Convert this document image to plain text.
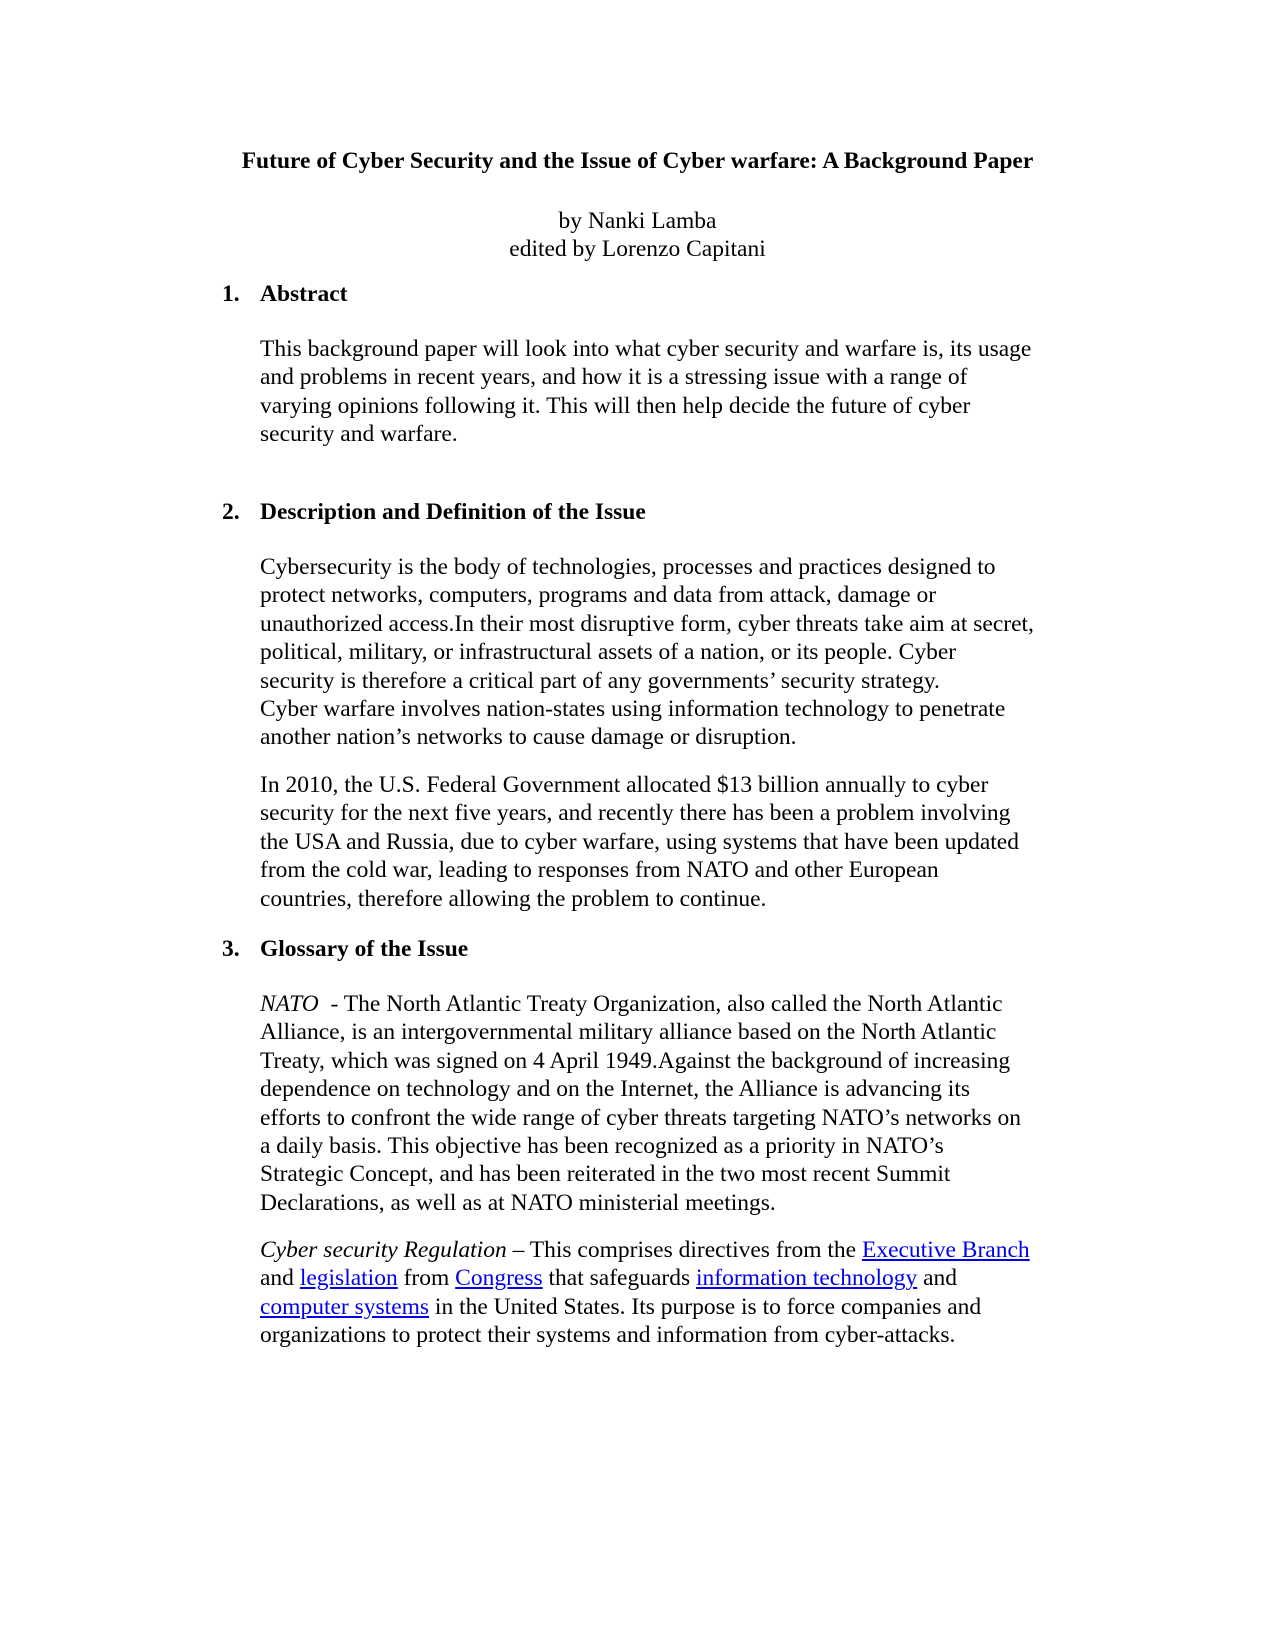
Future of Cyber Security and the Issue of Cyber warfare: A Background Paper
by Nanki Lamba
edited by Lorenzo Capitani
1. Abstract
This background paper will look into what cyber security and warfare is, its usage
and problems in recent years, and how it is a stressing issue with a range of
varying opinions following it. This will then help decide the future of cyber
security and warfare.
2. Description and Definition of the Issue
Cybersecurity is the body of technologies, processes and practices designed to
protect networks, computers, programs and data from attack, damage or
unauthorized access.In their most disruptive form, cyber threats take aim at secret,
political, military, or infrastructural assets of a nation, or its people. Cyber
security is therefore a critical part of any governments’ security strategy.
Cyber warfare involves nation-states using information technology to penetrate
another nation’s networks to cause damage or disruption.
In 2010, the U.S. Federal Government allocated $13 billion annually to cyber
security for the next five years, and recently there has been a problem involving
the USA and Russia, due to cyber warfare, using systems that have been updated
from the cold war, leading to responses from NATO and other European
countries, therefore allowing the problem to continue.
3. Glossary of the Issue
NATO  - The North Atlantic Treaty Organization, also called the North Atlantic
Alliance, is an intergovernmental military alliance based on the North Atlantic
Treaty, which was signed on 4 April 1949.Against the background of increasing
dependence on technology and on the Internet, the Alliance is advancing its
efforts to confront the wide range of cyber threats targeting NATO’s networks on
a daily basis. This objective has been recognized as a priority in NATO’s
Strategic Concept, and has been reiterated in the two most recent Summit
Declarations, as well as at NATO ministerial meetings.
Cyber security Regulation – This comprises directives from the Executive Branch
and legislation from Congress that safeguards information technology and
computer systems in the United States. Its purpose is to force companies and
organizations to protect their systems and information from cyber-attacks.
